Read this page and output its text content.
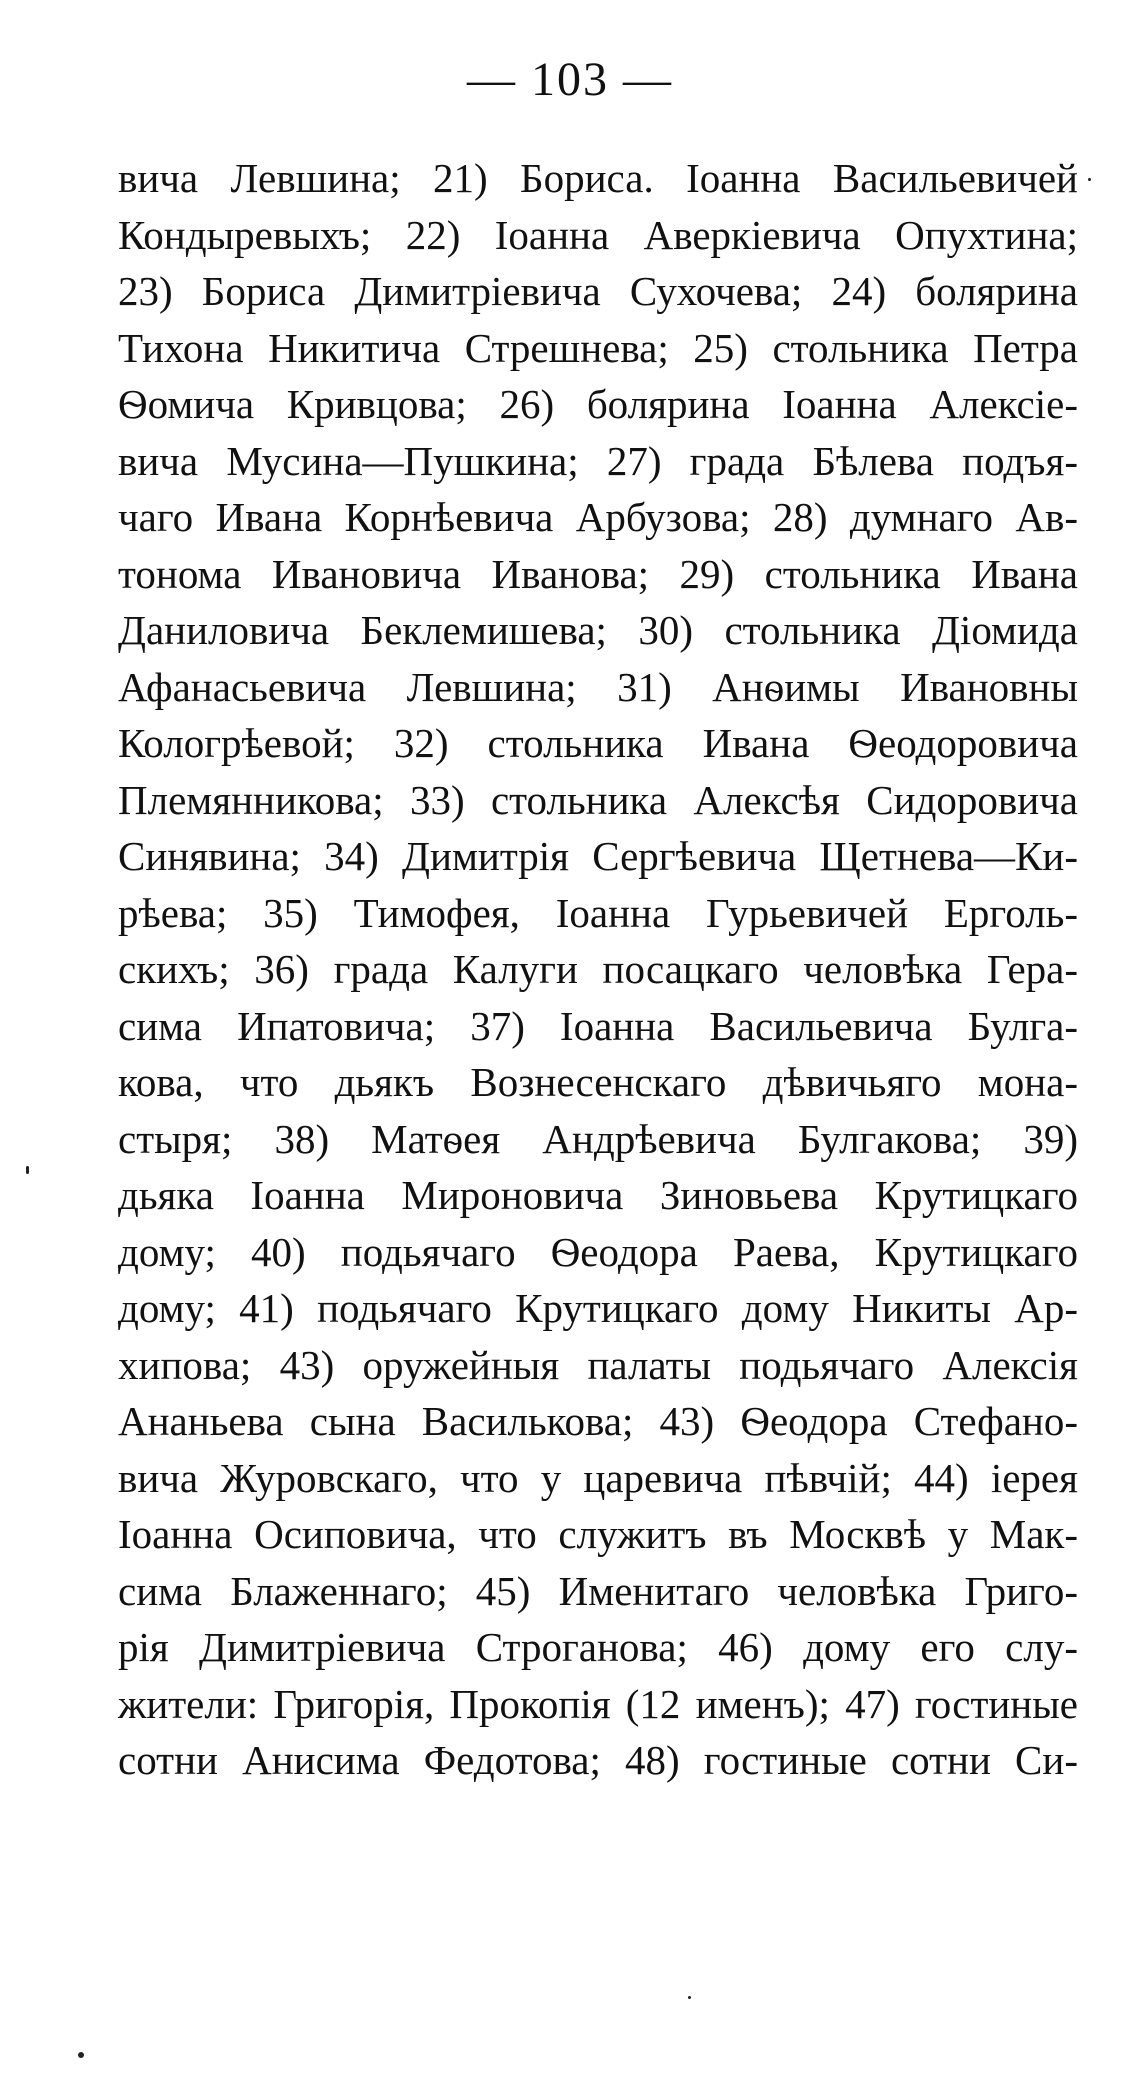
— 103 —
вича Левшина; 21) Бориса. Іоанна Васильевичей
Кондыревыхъ; 22) Іоанна Аверкіевича Опухтина;
23) Бориса Димитріевича Сухочева; 24) болярина
Тихона Никитича Стрешнева; 25) стольника Петра
Ѳомича Кривцова; 26) болярина Іоанна Алексіе-
вича Мусина—Пушкина; 27) града Бѣлева подъя-
чаго Ивана Корнѣевича Арбузова; 28) думнаго Ав-
тонома Ивановича Иванова; 29) стольника Ивана
Даниловича Беклемишева; 30) стольника Діомида
Афанасьевича Левшина; 31) Анѳимы Ивановны
Кологрѣевой; 32) стольника Ивана Ѳеодоровича
Племянникова; 33) стольника Алексѣя Сидоровича
Синявина; 34) Димитрія Сергѣевича Щетнева—Ки-
рѣева; 35) Тимофея, Іоанна Гурьевичей Ерголь-
скихъ; 36) града Калуги посацкаго человѣка Гера-
сима Ипатовича; 37) Іоанна Васильевича Булга-
кова, что дьякъ Вознесенскаго дѣвичьяго мона-
стыря; 38) Матѳея Андрѣевича Булгакова; 39)
дьяка Іоанна Мироновича Зиновьева Крутицкаго
дому; 40) подьячаго Ѳеодора Раева, Крутицкаго
дому; 41) подьячаго Крутицкаго дому Никиты Ар-
хипова; 43) оружейныя палаты подьячаго Алексія
Ананьева сына Василькова; 43) Ѳеодора Стефано-
вича Журовскаго, что у царевича пѣвчій; 44) іерея
Іоанна Осиповича, что служитъ въ Москвѣ у Мак-
сима Блаженнаго; 45) Именитаго человѣка Григо-
рія Димитріевича Строганова; 46) дому его слу-
жители: Григорія, Прокопія (12 именъ); 47) гостиные
сотни Анисима Федотова; 48) гостиные сотни Си-
